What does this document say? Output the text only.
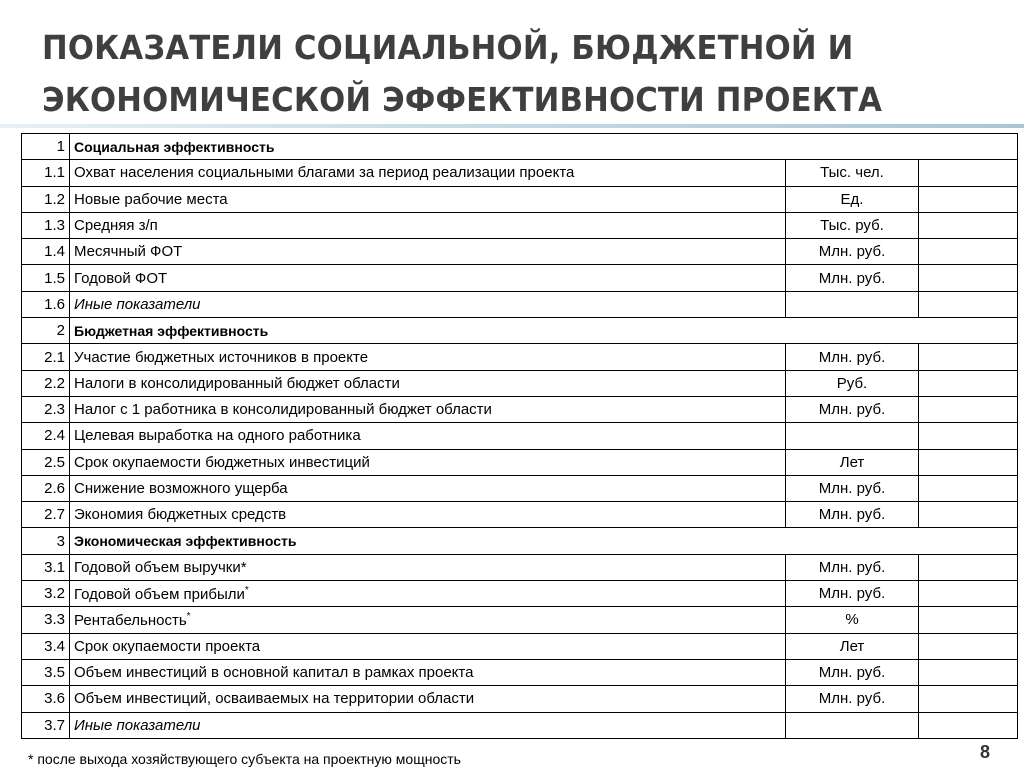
ПОКАЗАТЕЛИ СОЦИАЛЬНОЙ, БЮДЖЕТНОЙ И
ЭКОНОМИЧЕСКОЙ ЭФФЕКТИВНОСТИ ПРОЕКТА
1	Социальная эффективность		
1.1	Охват населения социальными благами за период реализации проекта	Тыс. чел.	
1.2	Новые рабочие места	Ед.	
1.3	Средняя з/п	Тыс. руб.	
1.4	Месячный ФОТ	Млн. руб.	
1.5	Годовой ФОТ	Млн. руб.	
1.6	Иные показатели		
2	Бюджетная эффективность		
2.1	Участие бюджетных источников в проекте	Млн. руб.	
2.2	Налоги в консолидированный бюджет области	Руб.	
2.3	Налог с 1 работника в консолидированный бюджет области	Млн. руб.	
2.4	Целевая выработка на одного работника		
2.5	Срок окупаемости бюджетных инвестиций	Лет	
2.6	Снижение возможного ущерба	Млн. руб.	
2.7	Экономия бюджетных средств	Млн. руб.	
3	Экономическая эффективность		
3.1	Годовой объем выручки*	Млн. руб.	
3.2	Годовой объем прибыли*	Млн. руб.	
3.3	Рентабельность*	%	
3.4	Срок окупаемости проекта	Лет	
3.5	Объем инвестиций в основной капитал в рамках проекта	Млн. руб.	
3.6	Объем инвестиций, осваиваемых на территории области	Млн. руб.	
3.7	Иные показатели		
* после выхода хозяйствующего субъекта на проектную мощность	8
